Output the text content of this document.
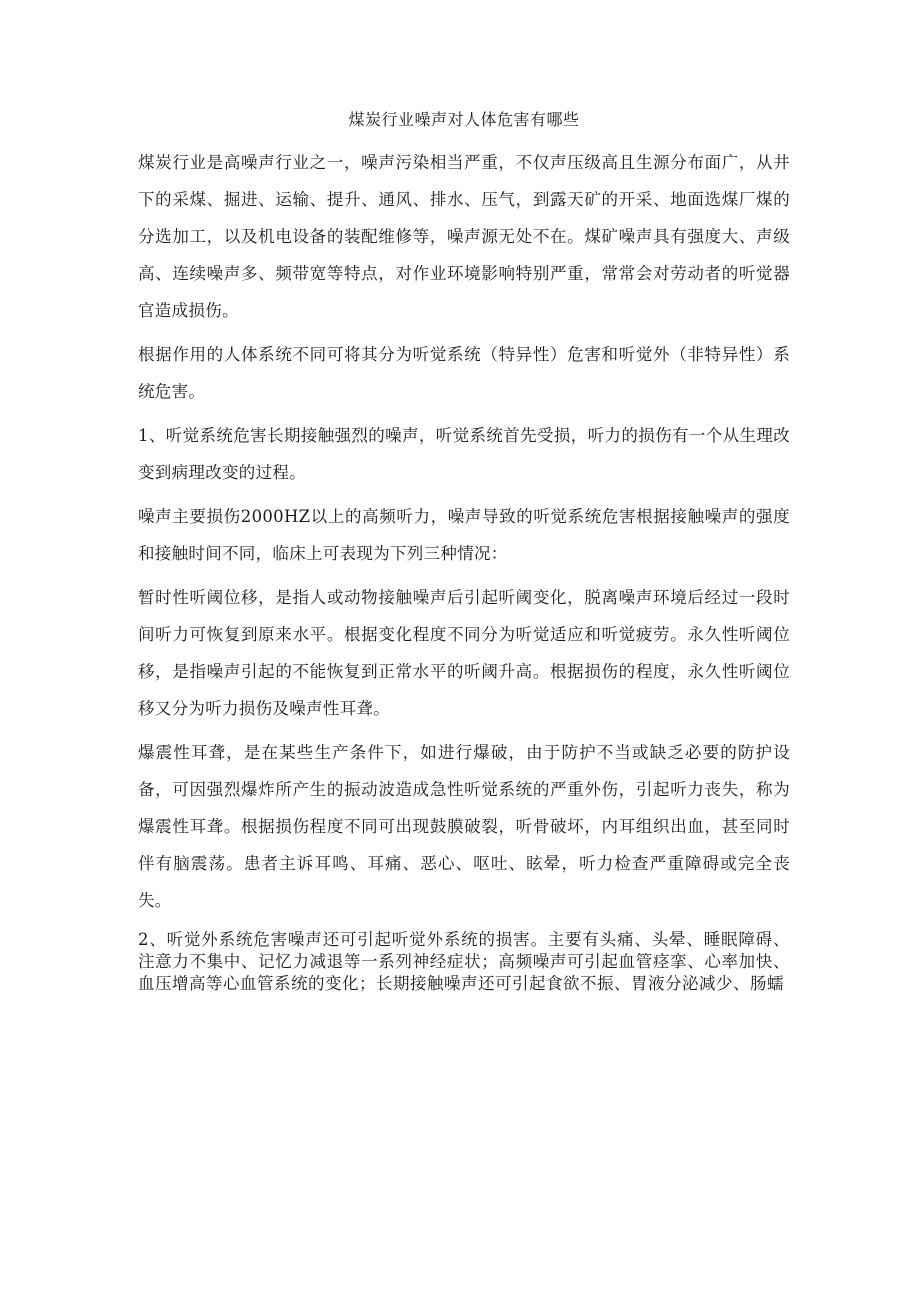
煤炭行业噪声对人体危害有哪些

煤炭行业是高噪声行业之一，噪声污染相当严重，不仅声压级高且生源分布面广，从井下的采煤、掘进、运输、提升、通风、排水、压气，到露天矿的开采、地面选煤厂煤的分选加工，以及机电设备的装配维修等，噪声源无处不在。煤矿噪声具有强度大、声级高、连续噪声多、频带宽等特点，对作业环境影响特别严重，常常会对劳动者的听觉器官造成损伤。

根据作用的人体系统不同可将其分为听觉系统（特异性）危害和听觉外（非特异性）系统危害。

1、听觉系统危害长期接触强烈的噪声，听觉系统首先受损，听力的损伤有一个从生理改变到病理改变的过程。

噪声主要损伤2000HZ以上的高频听力，噪声导致的听觉系统危害根据接触噪声的强度和接触时间不同，临床上可表现为下列三种情况：

暂时性听阈位移，是指人或动物接触噪声后引起听阈变化，脱离噪声环境后经过一段时间听力可恢复到原来水平。根据变化程度不同分为听觉适应和听觉疲劳。永久性听阈位移，是指噪声引起的不能恢复到正常水平的听阈升高。根据损伤的程度，永久性听阈位移又分为听力损伤及噪声性耳聋。

爆震性耳聋，是在某些生产条件下，如进行爆破，由于防护不当或缺乏必要的防护设备，可因强烈爆炸所产生的振动波造成急性听觉系统的严重外伤，引起听力丧失，称为爆震性耳聋。根据损伤程度不同可出现鼓膜破裂，听骨破坏，内耳组织出血，甚至同时伴有脑震荡。患者主诉耳鸣、耳痛、恶心、呕吐、眩晕，听力检查严重障碍或完全丧失。

2、听觉外系统危害噪声还可引起听觉外系统的损害。主要有头痛、头晕、睡眠障碍、注意力不集中、记忆力减退等一系列神经症状；高频噪声可引起血管痉挛、心率加快、血压增高等心血管系统的变化；长期接触噪声还可引起食欲不振、胃液分泌减少、肠蠕
